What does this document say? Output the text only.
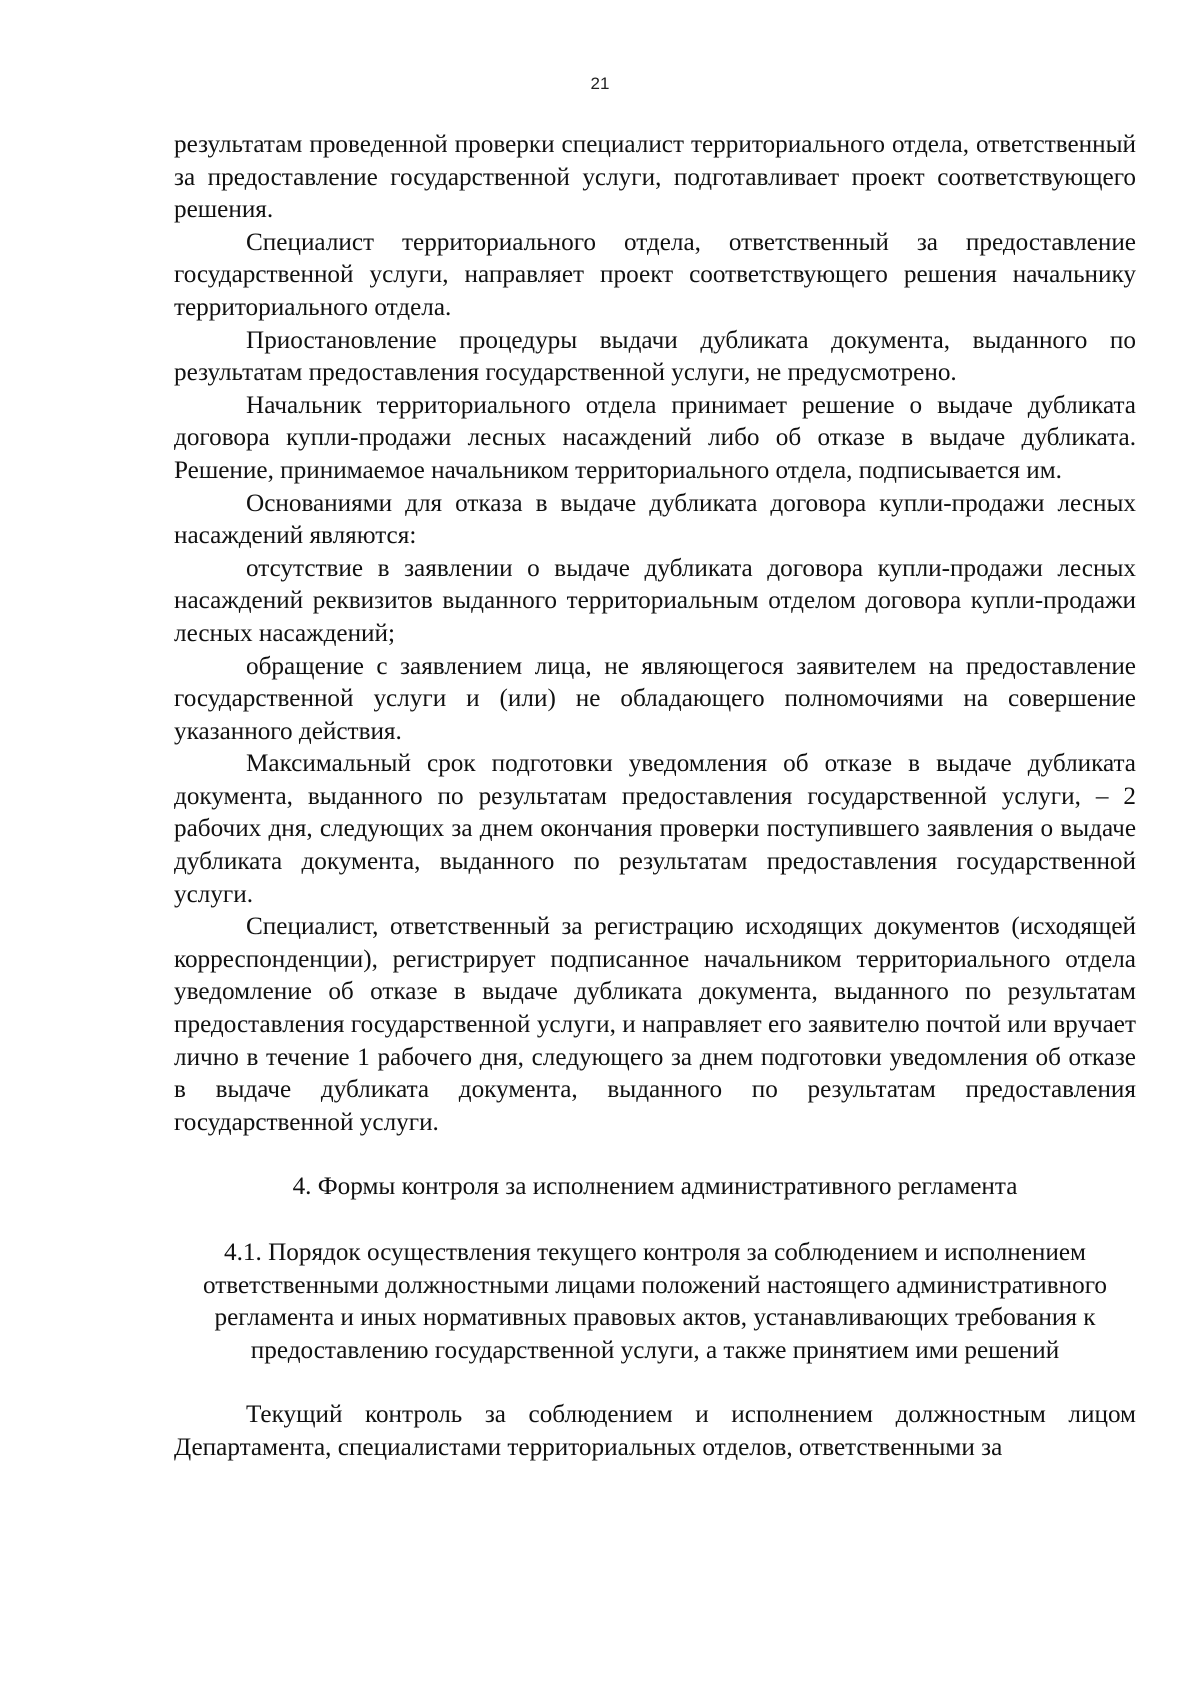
21

результатам проведенной проверки специалист территориального отдела, ответственный за предоставление государственной услуги, подготавливает проект соответствующего решения.

Специалист территориального отдела, ответственный за предоставление государственной услуги, направляет проект соответствующего решения начальнику территориального отдела.

Приостановление процедуры выдачи дубликата документа, выданного по результатам предоставления государственной услуги, не предусмотрено.

Начальник территориального отдела принимает решение о выдаче дубликата договора купли-продажи лесных насаждений либо об отказе в выдаче дубликата. Решение, принимаемое начальником территориального отдела, подписывается им.

Основаниями для отказа в выдаче дубликата договора купли-продажи лесных насаждений являются:

отсутствие в заявлении о выдаче дубликата договора купли-продажи лесных насаждений реквизитов выданного территориальным отделом договора купли-продажи лесных насаждений;

обращение с заявлением лица, не являющегося заявителем на предоставление государственной услуги и (или) не обладающего полномочиями на совершение указанного действия.

Максимальный срок подготовки уведомления об отказе в выдаче дубликата документа, выданного по результатам предоставления государственной услуги, – 2 рабочих дня, следующих за днем окончания проверки поступившего заявления о выдаче дубликата документа, выданного по результатам предоставления государственной услуги.

Специалист, ответственный за регистрацию исходящих документов (исходящей корреспонденции), регистрирует подписанное начальником территориального отдела уведомление об отказе в выдаче дубликата документа, выданного по результатам предоставления государственной услуги, и направляет его заявителю почтой или вручает лично в течение 1 рабочего дня, следующего за днем подготовки уведомления об отказе в выдаче дубликата документа, выданного по результатам предоставления государственной услуги.

4. Формы контроля за исполнением административного регламента
4.1. Порядок осуществления текущего контроля за соблюдением и исполнением ответственными должностными лицами положений настоящего административного регламента и иных нормативных правовых актов, устанавливающих требования к предоставлению государственной услуги, а также принятием ими решений

Текущий контроль за соблюдением и исполнением должностным лицом Департамента, специалистами территориальных отделов, ответственными за
